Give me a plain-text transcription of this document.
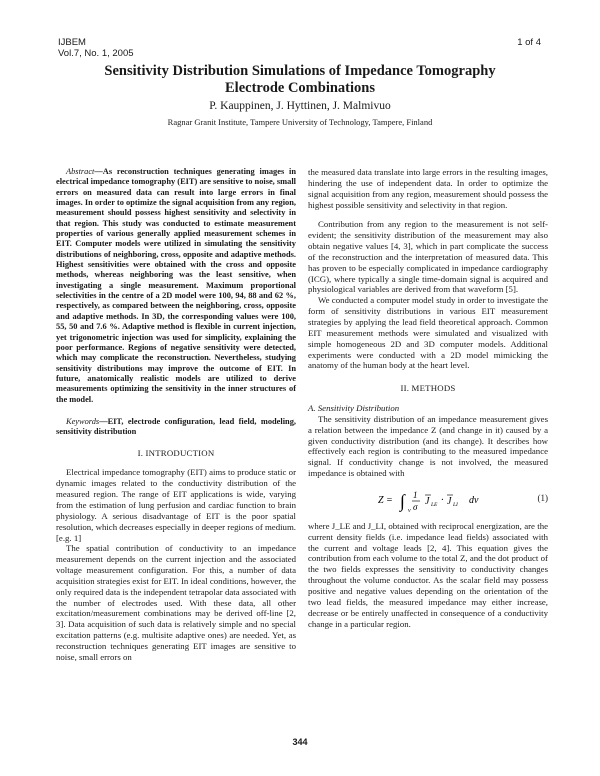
IJBEM
Vol.7, No. 1, 2005
1 of 4
Sensitivity Distribution Simulations of Impedance Tomography
Electrode Combinations
P. Kauppinen, J. Hyttinen, J. Malmivuo
Ragnar Granit Institute, Tampere University of Technology, Tampere, Finland

Abstract—As reconstruction techniques generating images in electrical impedance tomography (EIT) are sensitive to noise, small errors on measured data can result into large errors in final images. In order to optimize the signal acquisition from any region, measurement should possess highest sensitivity and selectivity in that region. This study was conducted to estimate measurement properties of various generally applied measurement schemes in EIT. Computer models were utilized in simulating the sensitivity distributions of neighboring, cross, opposite and adaptive methods. Highest sensitivities were obtained with the cross and opposite methods, whereas neighboring was the least sensitive, when investigating a single measurement. Maximum proportional selectivities in the centre of a 2D model were 100, 94, 88 and 62 %, respectively, as compared between the neighboring, cross, opposite and adaptive methods. In 3D, the corresponding values were 100, 55, 50 and 7.6 %. Adaptive method is flexible in current injection, yet trigonometric injection was used for simplicity, explaining the poor performance. Regions of negative sensitivity were detected, which may complicate the reconstruction. Nevertheless, studying sensitivity distributions may improve the outcome of EIT. In future, anatomically realistic models are utilized to derive measurements optimizing the sensitivity in the inner structures of the model.

Keywords—EIT, electrode configuration, lead field, modeling, sensitivity distribution

I. INTRODUCTION

Electrical impedance tomography (EIT) aims to produce static or dynamic images related to the conductivity distribution of the measured region. The range of EIT applications is wide, varying from the estimation of lung perfusion and cardiac function to brain physiology. A serious disadvantage of EIT is the poor spatial resolution, which decreases especially in deeper regions of medium. [e.g. 1]

The spatial contribution of conductivity to an impedance measurement depends on the current injection and the associated voltage measurement configuration. For this, a number of data acquisition strategies exist for EIT. In ideal conditions, however, the only required data is the independent tetrapolar data associated with the number of electrodes used. With these data, all other excitation/measurement combinations may be derived off-line [2, 3]. Data acquisition of such data is relatively simple and no special excitation patterns (e.g. multisite adaptive ones) are needed. Yet, as reconstruction techniques generating EIT images are sensitive to noise, small errors on

the measured data translate into large errors in the resulting images, hindering the use of independent data. In order to optimize the signal acquisition from any region, measurement should possess the highest possible sensitivity and selectivity in that region.

Contribution from any region to the measurement is not self-evident; the sensitivity distribution of the measurement may also obtain negative values [4, 3], which in part complicate the success of the reconstruction and the interpretation of measured data. This has proven to be especially complicated in impedance cardiography (ICG), where typically a single time-domain signal is acquired and physiological variables are derived from that waveform [5].

We conducted a computer model study in order to investigate the form of sensitivity distributions in various EIT measurement strategies by applying the lead field theoretical approach. Common EIT measurement methods were simulated and visualized with simple homogeneous 2D and 3D computer models. Additional experiments were conducted with a 2D model mimicking the anatomy of the human body at the heart level.

II. METHODS
A. Sensitivity Distribution

The sensitivity distribution of an impedance measurement gives a relation between the impedance Z (and change in it) caused by a given conductivity distribution (and its change). It describes how effectively each region is contributing to the measured impedance signal. If conductivity change is not involved, the measured impedance is obtained with

Z = ∫ v
1
σ J LE · J LI dv	(1)

where J_LE and J_LI, obtained with reciprocal energization, are the current density fields (i.e. impedance lead fields) associated with the current and voltage leads [2, 4]. This equation gives the contribution from each volume to the total Z, and the dot product of the two fields expresses the sensitivity to conductivity changes throughout the volume conductor. As the scalar field may possess positive and negative values depending on the orientation of the two lead fields, the measured impedance may either increase, decrease or be entirely unaffected in consequence of a conductivity change in a particular region.

344
